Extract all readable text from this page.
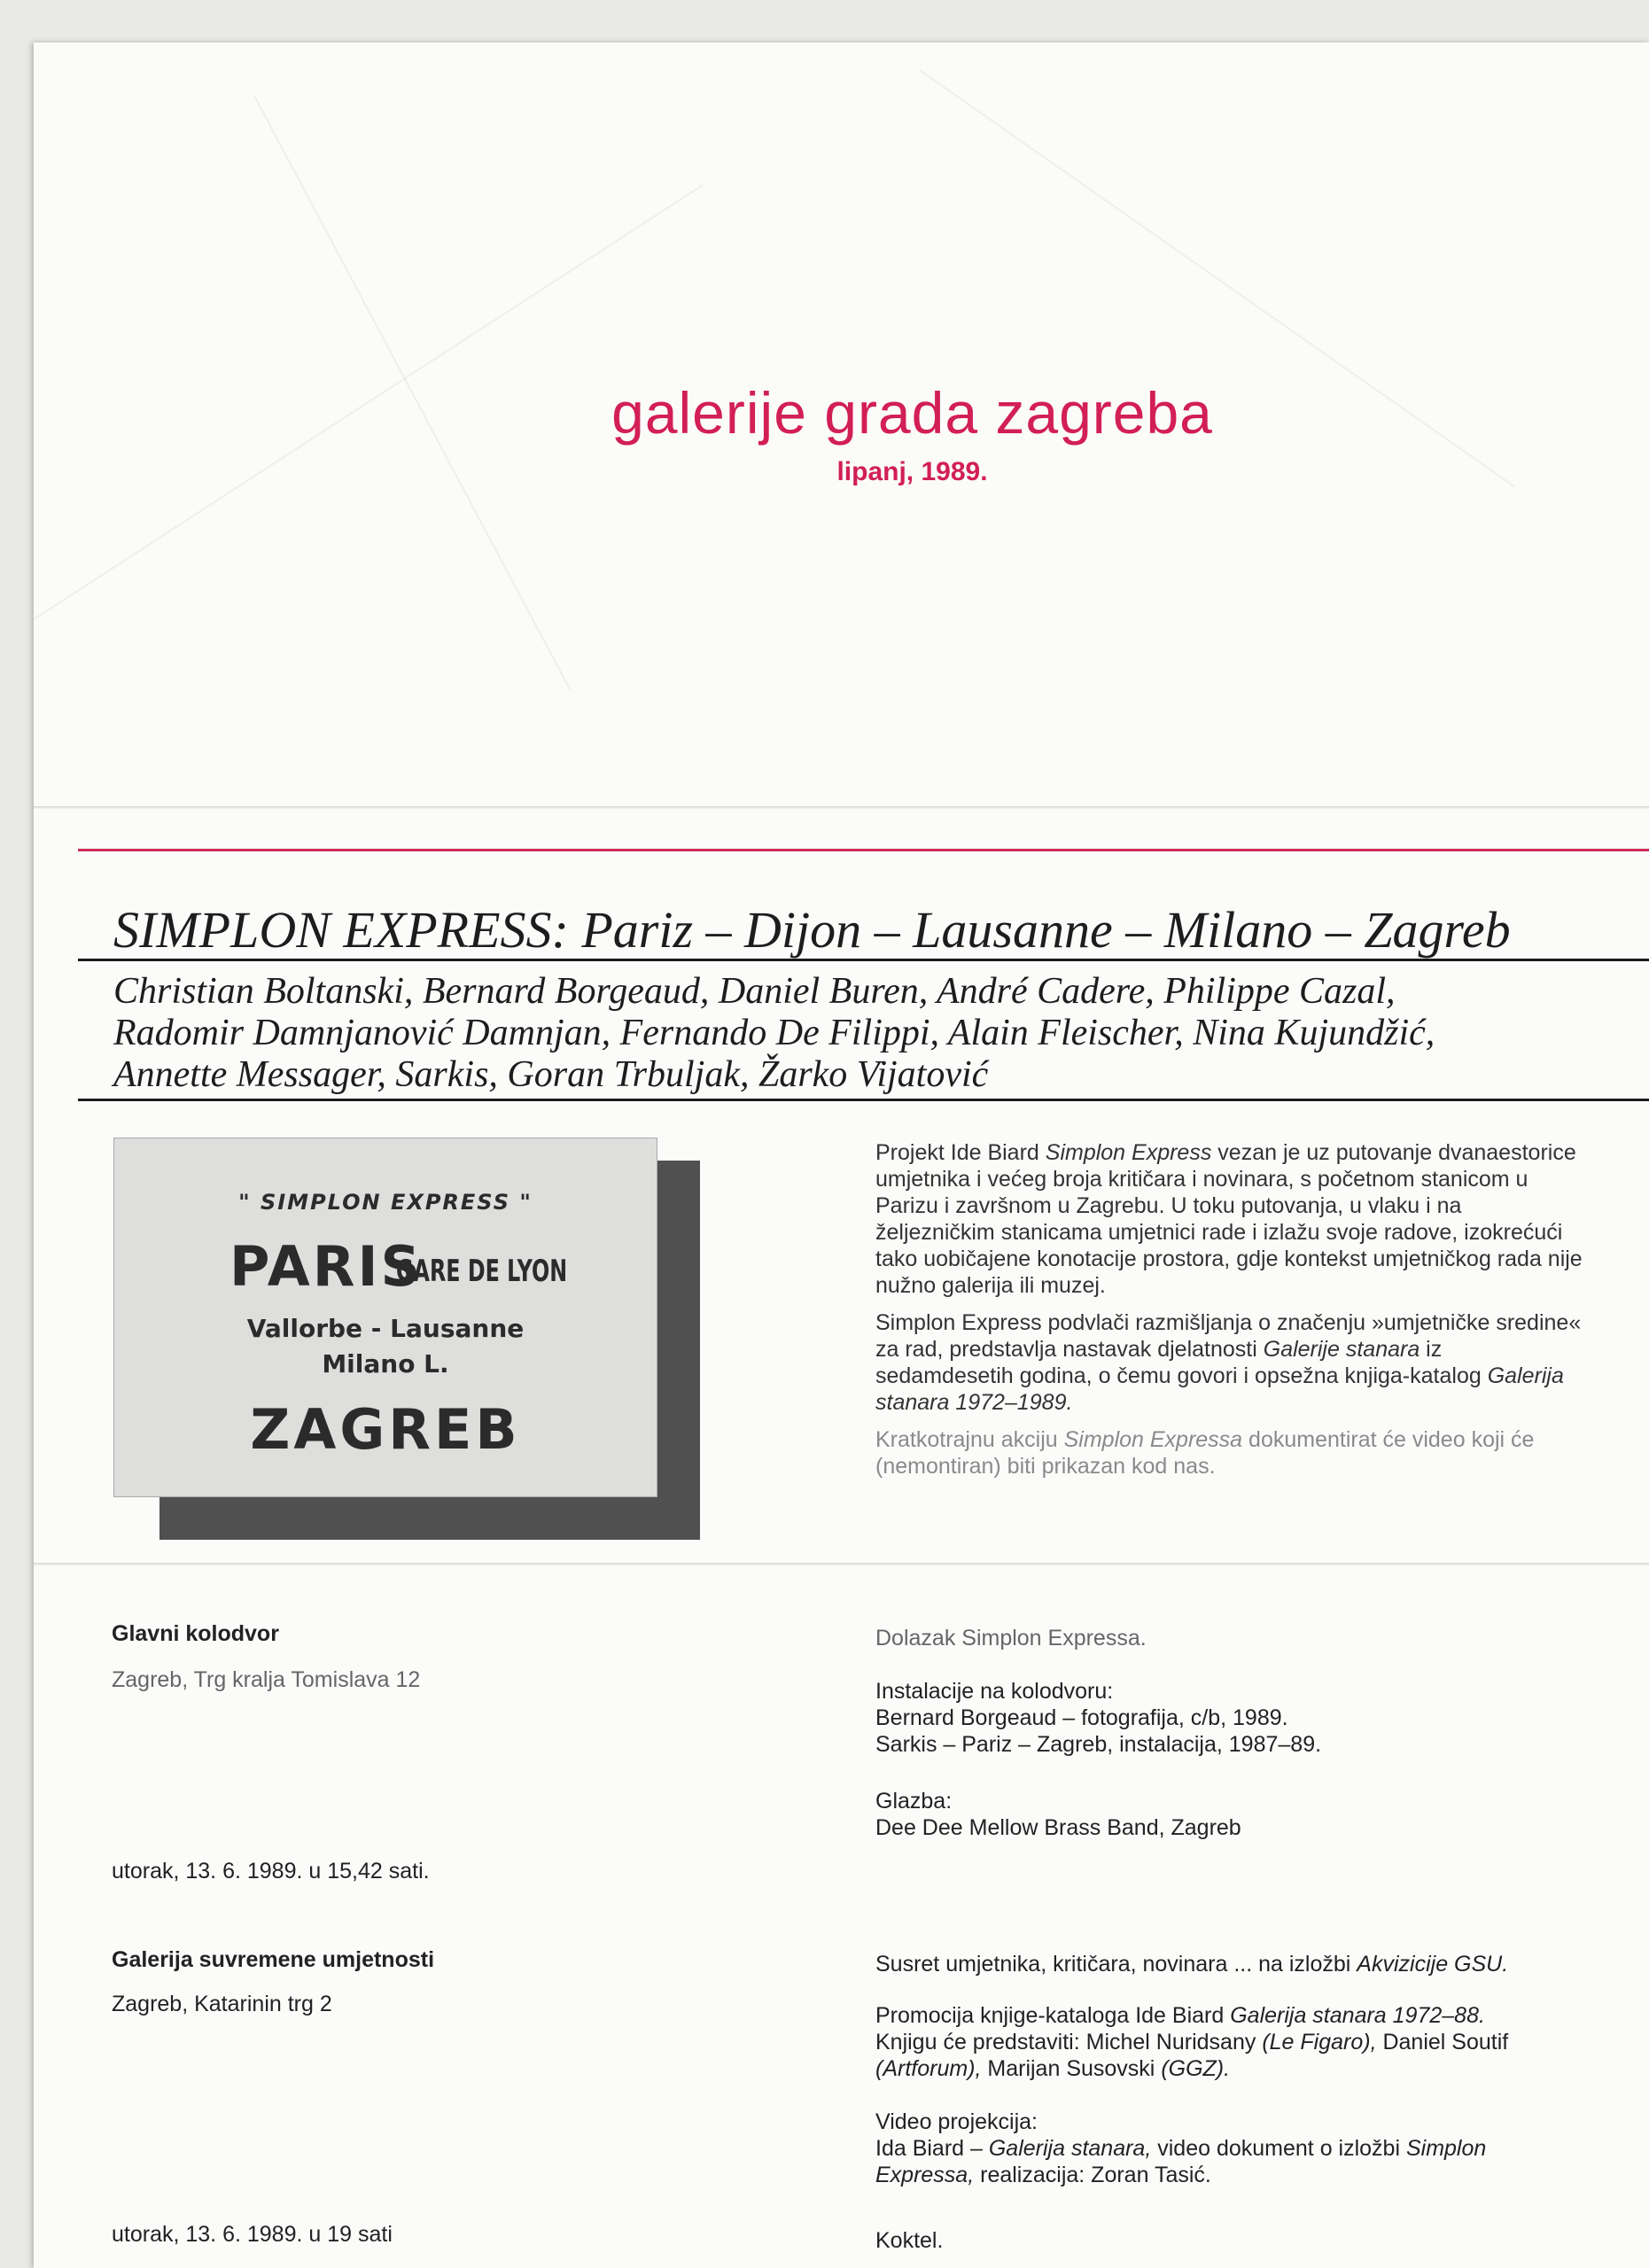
galerije grada zagreba
lipanj, 1989.
SIMPLON EXPRESS: Pariz – Dijon – Lausanne – Milano – Zagreb
Christian Boltanski, Bernard Borgeaud, Daniel Buren, André Cadere, Philippe Cazal,
Radomir Damnjanović Damnjan, Fernando De Filippi, Alain Fleischer, Nina Kujundžić,
Annette Messager, Sarkis, Goran Trbuljak, Žarko Vijatović
" SIMPLON EXPRESS "
PARIS
GARE DE LYON
Vallorbe - Lausanne
Milano L.
ZAGREB

Projekt Ide Biard Simplon Express vezan je uz putovanje dvanaestorice umjetnika i većeg broja kritičara i novinara, s početnom stanicom u Parizu i završnom u Zagrebu. U toku putovanja, u vlaku i na željezničkim stanicama umjetnici rade i izlažu svoje radove, izokrećući tako uobičajene konotacije prostora, gdje kontekst umjetničkog rada nije nužno galerija ili muzej.

Simplon Express podvlači razmišljanja o značenju »umjetničke sredine« za rad, predstavlja nastavak djelatnosti Galerije stanara iz sedamdesetih godina, o čemu govori i opsežna knjiga-katalog Galerija stanara 1972–1989.

Kratkotrajnu akciju Simplon Expressa dokumentirat će video koji će (nemontiran) biti prikazan kod nas.

Glavni kolodvor
Zagreb, Trg kralja Tomislava 12
utorak, 13. 6. 1989. u 15,42 sati.
Galerija suvremene umjetnosti
Zagreb, Katarinin trg 2
utorak, 13. 6. 1989. u 19 sati
Dolazak Simplon Expressa.
Instalacije na kolodvoru:
Bernard Borgeaud – fotografija, c/b, 1989.
Sarkis – Pariz – Zagreb, instalacija, 1987–89.
Glazba:
Dee Dee Mellow Brass Band, Zagreb
Susret umjetnika, kritičara, novinara ... na izložbi Akvizicije GSU.
Promocija knjige-kataloga Ide Biard Galerija stanara 1972–88.
Knjigu će predstaviti: Michel Nuridsany (Le Figaro), Daniel Soutif (Artforum), Marijan Susovski (GGZ).
Video projekcija:
Ida Biard – Galerija stanara, video dokument o izložbi Simplon Expressa, realizacija: Zoran Tasić.
Koktel.
